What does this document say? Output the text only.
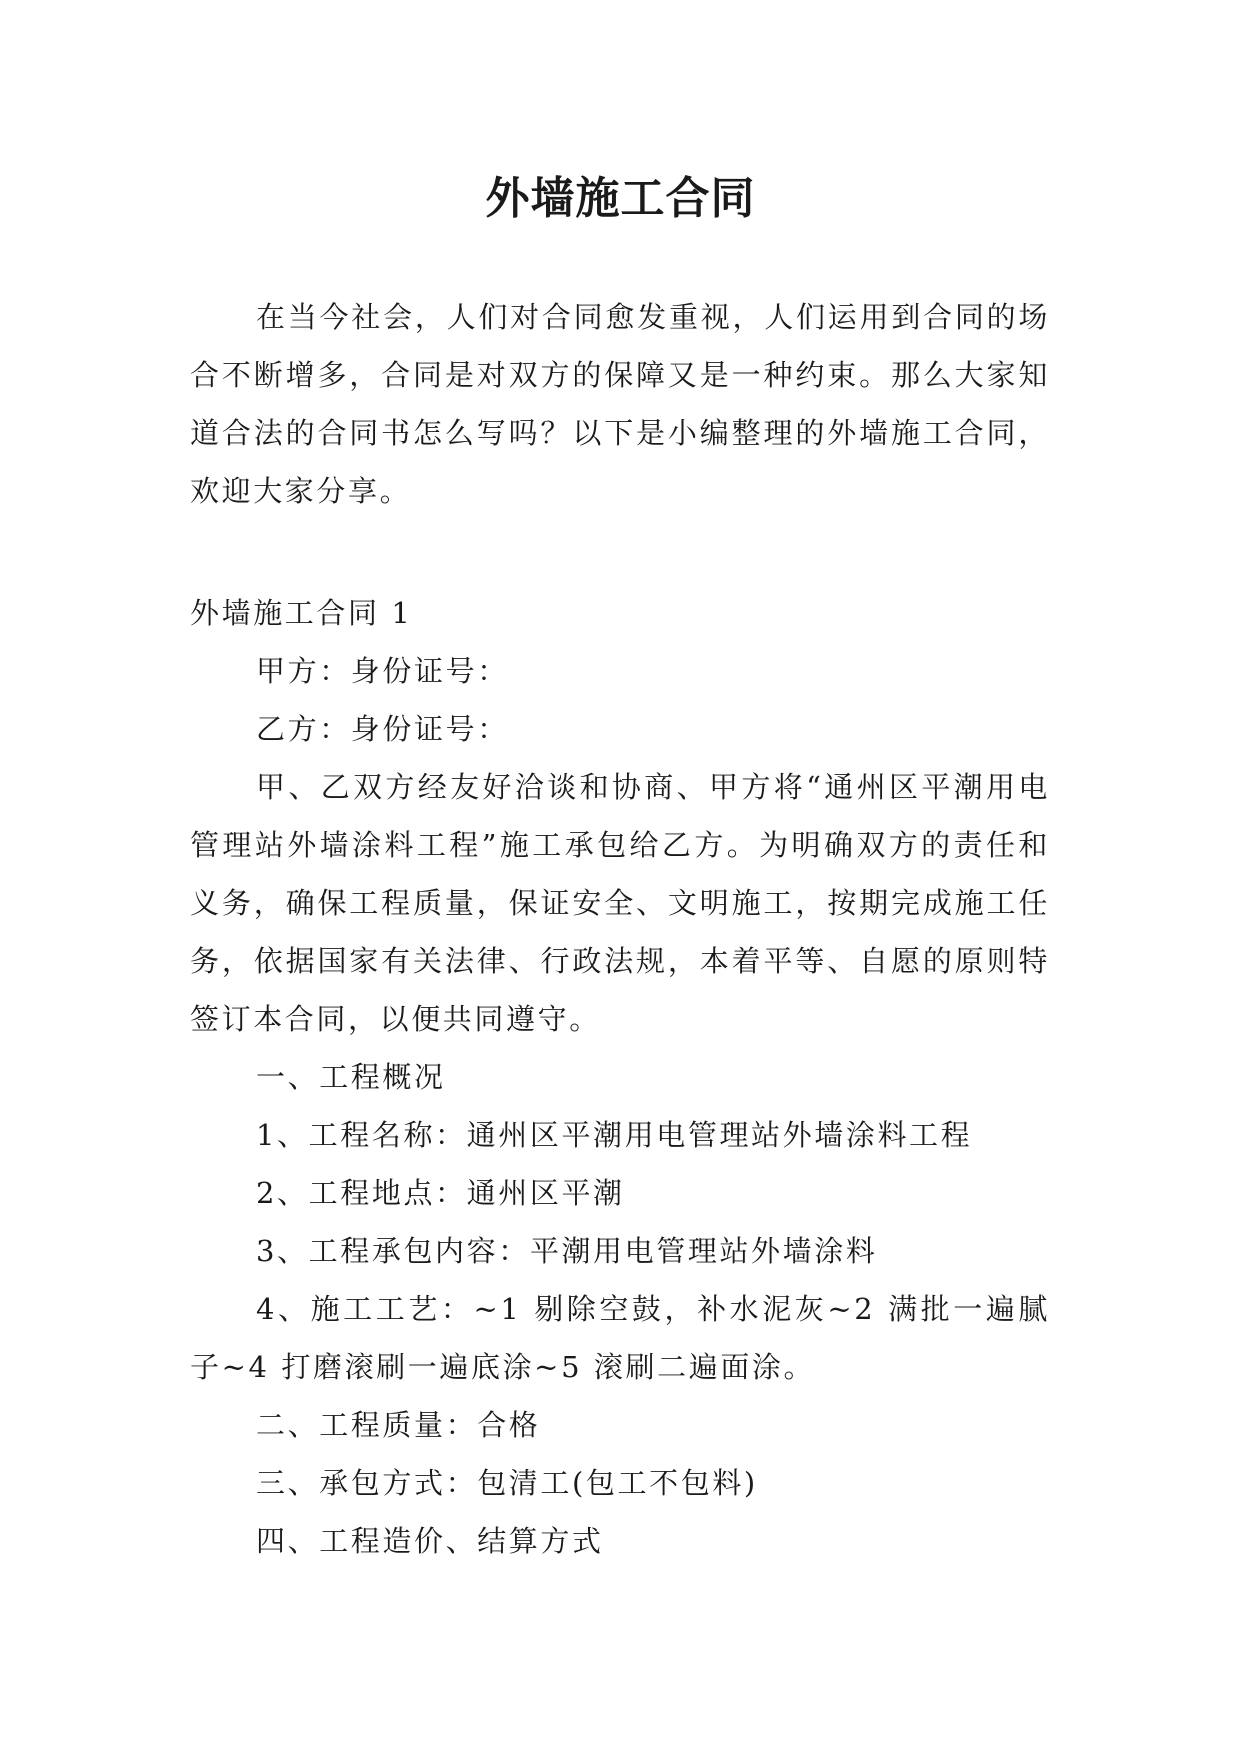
外墙施工合同

在当今社会，人们对合同愈发重视，人们运用到合同的场合不断增多，合同是对双方的保障又是一种约束。那么大家知道合法的合同书怎么写吗？以下是小编整理的外墙施工合同，欢迎大家分享。

外墙施工合同 1

甲方：身份证号：

乙方：身份证号：

甲、乙双方经友好洽谈和协商、甲方将“通州区平潮用电管理站外墙涂料工程”施工承包给乙方。为明确双方的责任和义务，确保工程质量，保证安全、文明施工，按期完成施工任务，依据国家有关法律、行政法规，本着平等、自愿的原则特签订本合同，以便共同遵守。

一、工程概况

1、工程名称：通州区平潮用电管理站外墙涂料工程

2、工程地点：通州区平潮

3、工程承包内容：平潮用电管理站外墙涂料

4、施工工艺：~1 剔除空鼓，补水泥灰~2 满批一遍腻子~4 打磨滚刷一遍底涂~5 滚刷二遍面涂。

二、工程质量：合格

三、承包方式：包清工(包工不包料)

四、工程造价、结算方式
